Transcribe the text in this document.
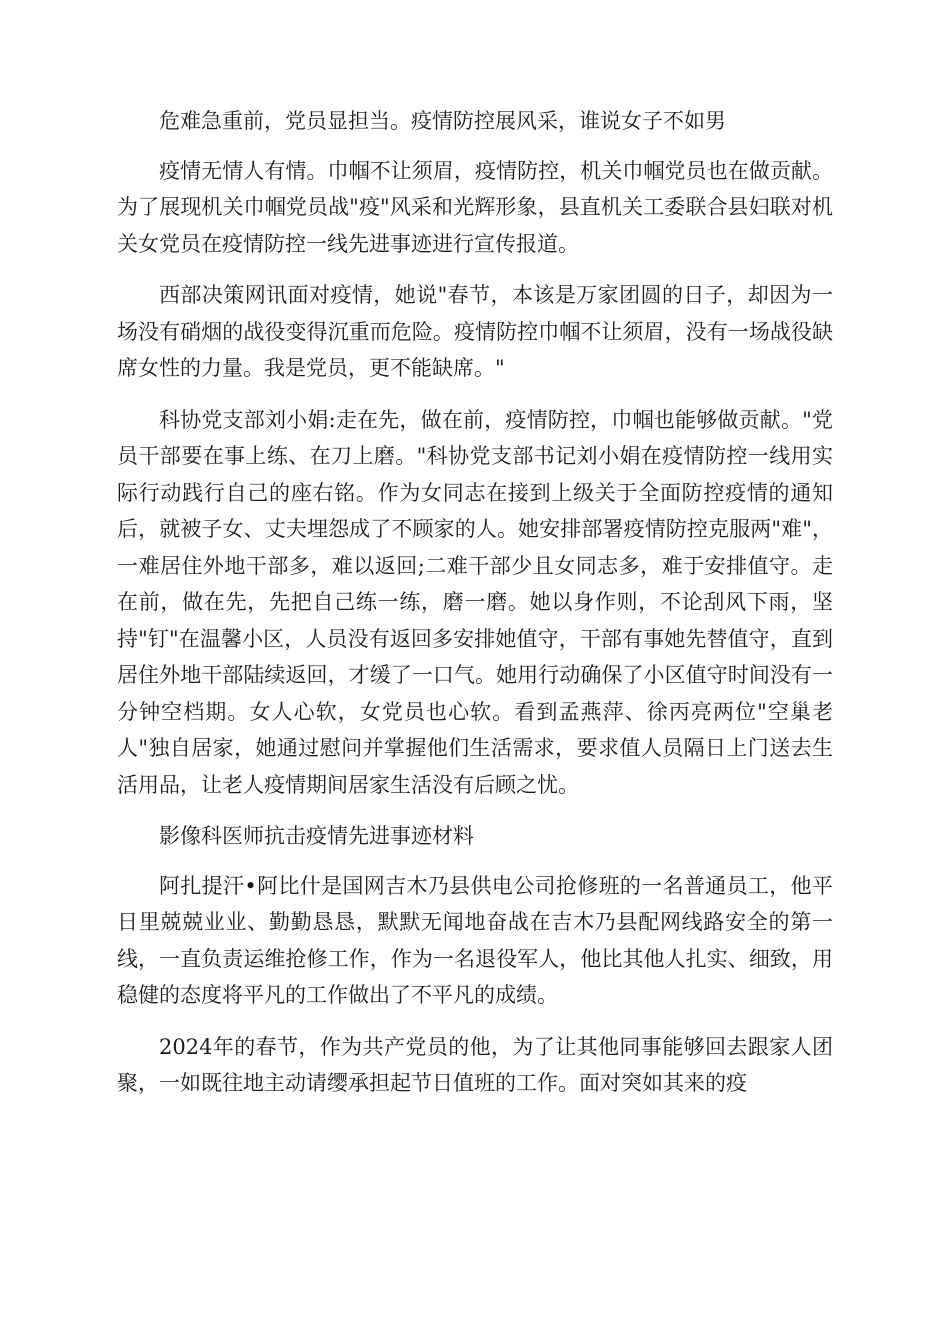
危难急重前，党员显担当。疫情防控展风采，谁说女子不如男

疫情无情人有情。巾帼不让须眉，疫情防控，机关巾帼党员也在做贡献。为了展现机关巾帼党员战"疫"风采和光辉形象，县直机关工委联合县妇联对机关女党员在疫情防控一线先进事迹进行宣传报道。

西部决策网讯面对疫情，她说"春节，本该是万家团圆的日子，却因为一场没有硝烟的战役变得沉重而危险。疫情防控巾帼不让须眉，没有一场战役缺席女性的力量。我是党员，更不能缺席。"

科协党支部刘小娟:走在先，做在前，疫情防控，巾帼也能够做贡献。"党员干部要在事上练、在刀上磨。"科协党支部书记刘小娟在疫情防控一线用实际行动践行自己的座右铭。作为女同志在接到上级关于全面防控疫情的通知后，就被子女、丈夫埋怨成了不顾家的人。她安排部署疫情防控克服两"难"，一难居住外地干部多，难以返回;二难干部少且女同志多，难于安排值守。走在前，做在先，先把自己练一练，磨一磨。她以身作则，不论刮风下雨，坚持"钉"在温馨小区，人员没有返回多安排她值守，干部有事她先替值守，直到居住外地干部陆续返回，才缓了一口气。她用行动确保了小区值守时间没有一分钟空档期。女人心软，女党员也心软。看到孟燕萍、徐丙亮两位"空巢老人"独自居家，她通过慰问并掌握他们生活需求，要求值人员隔日上门送去生活用品，让老人疫情期间居家生活没有后顾之忧。

影像科医师抗击疫情先进事迹材料

阿扎提汗•阿比什是国网吉木乃县供电公司抢修班的一名普通员工，他平日里兢兢业业、勤勤恳恳，默默无闻地奋战在吉木乃县配网线路安全的第一线，一直负责运维抢修工作，作为一名退役军人，他比其他人扎实、细致，用稳健的态度将平凡的工作做出了不平凡的成绩。

2024年的春节，作为共产党员的他，为了让其他同事能够回去跟家人团聚，一如既往地主动请缨承担起节日值班的工作。面对突如其来的疫
